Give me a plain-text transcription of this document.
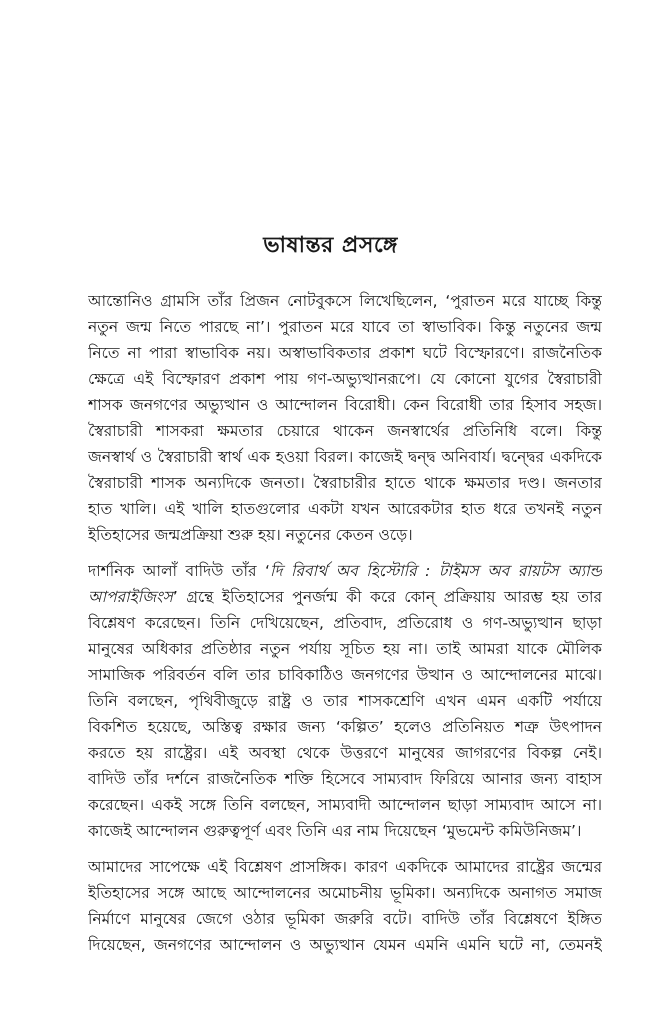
ভাষান্তর প্রসঙ্গে
আন্তোনিও গ্রামসি তাঁর প্রিজন নোটবুকসে লিখেছিলেন, ‘পুরাতন মরে যাচ্ছে কিন্তু
নতুন জন্ম নিতে পারছে না’। পুরাতন মরে যাবে তা স্বাভাবিক। কিন্তু নতুনের জন্ম
নিতে না পারা স্বাভাবিক নয়। অস্বাভাবিকতার প্রকাশ ঘটে বিস্ফোরণে। রাজনৈতিক
ক্ষেত্রে এই বিস্ফোরণ প্রকাশ পায় গণ-অভ্যুত্থানরূপে। যে কোনো যুগের স্বৈরাচারী
শাসক জনগণের অভ্যুত্থান ও আন্দোলন বিরোধী। কেন বিরোধী তার হিসাব সহজ।
স্বৈরাচারী শাসকরা ক্ষমতার চেয়ারে থাকেন জনস্বার্থের প্রতিনিধি বলে। কিন্তু
জনস্বার্থ ও স্বৈরাচারী স্বার্থ এক হওয়া বিরল। কাজেই দ্বন্দ্ব অনিবার্য। দ্বন্দ্বের একদিকে
স্বৈরাচারী শাসক অন্যদিকে জনতা। স্বৈরাচারীর হাতে থাকে ক্ষমতার দণ্ড। জনতার
হাত খালি। এই খালি হাতগুলোর একটা যখন আরেকটার হাত ধরে তখনই নতুন
ইতিহাসের জন্মপ্রক্রিয়া শুরু হয়। নতুনের কেতন ওড়ে।
দার্শনিক আলাঁ বাদিউ তাঁর ‘দি রিবার্থ অব হিস্টোরি : টাইমস অব রায়টস অ্যান্ড
আপরাইজিংস’ গ্রন্থে ইতিহাসের পুনর্জন্ম কী করে কোন্ প্রক্রিয়ায় আরম্ভ হয় তার
বিশ্লেষণ করেছেন। তিনি দেখিয়েছেন, প্রতিবাদ, প্রতিরোধ ও গণ-অভ্যুত্থান ছাড়া
মানুষের অধিকার প্রতিষ্ঠার নতুন পর্যায় সূচিত হয় না। তাই আমরা যাকে মৌলিক
সামাজিক পরিবর্তন বলি তার চাবিকাঠিও জনগণের উত্থান ও আন্দোলনের মাঝে।
তিনি বলছেন, পৃথিবীজুড়ে রাষ্ট্র ও তার শাসকশ্রেণি এখন এমন একটি পর্যায়ে
বিকশিত হয়েছে, অস্তিত্ব রক্ষার জন্য ‘কল্পিত’ হলেও প্রতিনিয়ত শত্রু উৎপাদন
করতে হয় রাষ্ট্রের। এই অবস্থা থেকে উত্তরণে মানুষের জাগরণের বিকল্প নেই।
বাদিউ তাঁর দর্শনে রাজনৈতিক শক্তি হিসেবে সাম্যবাদ ফিরিয়ে আনার জন্য বাহাস
করেছেন। একই সঙ্গে তিনি বলছেন, সাম্যবাদী আন্দোলন ছাড়া সাম্যবাদ আসে না।
কাজেই আন্দোলন গুরুত্বপূর্ণ এবং তিনি এর নাম দিয়েছেন ‘মুভমেন্ট কমিউনিজম’।
আমাদের সাপেক্ষে এই বিশ্লেষণ প্রাসঙ্গিক। কারণ একদিকে আমাদের রাষ্ট্রের জন্মের
ইতিহাসের সঙ্গে আছে আন্দোলনের অমোচনীয় ভূমিকা। অন্যদিকে অনাগত সমাজ
নির্মাণে মানুষের জেগে ওঠার ভূমিকা জরুরি বটে। বাদিউ তাঁর বিশ্লেষণে ইঙ্গিত
দিয়েছেন, জনগণের আন্দোলন ও অভ্যুত্থান যেমন এমনি এমনি ঘটে না, তেমনই
